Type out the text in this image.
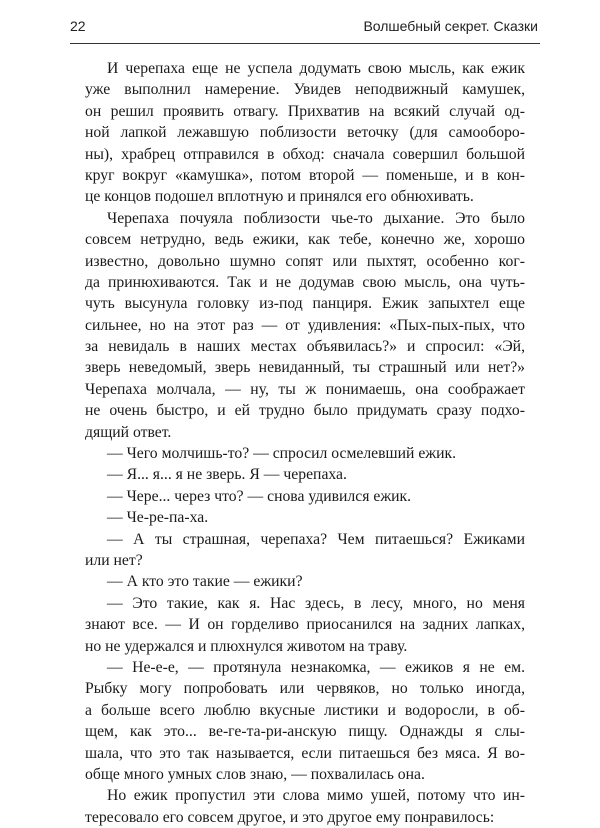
22	Волшебный секрет. Сказки
И черепаха еще не успела додумать свою мысль, как ежик
уже выполнил намерение. Увидев неподвижный камушек,
он решил проявить отвагу. Прихватив на всякий случай од-
ной лапкой лежавшую поблизости веточку (для самооборо-
ны), храбрец отправился в обход: сначала совершил большой
круг вокруг «камушка», потом второй — поменьше, и в кон-
це концов подошел вплотную и принялся его обнюхивать.
Черепаха почуяла поблизости чье-то дыхание. Это было
совсем нетрудно, ведь ежики, как тебе, конечно же, хорошо
известно, довольно шумно сопят или пыхтят, особенно ког-
да принюхиваются. Так и не додумав свою мысль, она чуть-
чуть высунула головку из-под панциря. Ежик запыхтел еще
сильнее, но на этот раз — от удивления: «Пых-пых-пых, что
за невидаль в наших местах объявилась?» и спросил: «Эй,
зверь неведомый, зверь невиданный, ты страшный или нет?»
Черепаха молчала, — ну, ты ж понимаешь, она соображает
не очень быстро, и ей трудно было придумать сразу подхо-
дящий ответ.
— Чего молчишь-то? — спросил осмелевший ежик.
— Я... я... я не зверь. Я — черепаха.
— Чере... через что? — снова удивился ежик.
— Че-ре-па-ха.
— А ты страшная, черепаха? Чем питаешься? Ежиками
или нет?
— А кто это такие — ежики?
— Это такие, как я. Нас здесь, в лесу, много, но меня
знают все. — И он горделиво приосанился на задних лапках,
но не удержался и плюхнулся животом на траву.
— Не-е-е, — протянула незнакомка, — ежиков я не ем.
Рыбку могу попробовать или червяков, но только иногда,
а больше всего люблю вкусные листики и водоросли, в об-
щем, как это... ве-ге-та-ри-анскую пищу. Однажды я слы-
шала, что это так называется, если питаешься без мяса. Я во-
обще много умных слов знаю, — похвалилась она.
Но ежик пропустил эти слова мимо ушей, потому что ин-
тересовало его совсем другое, и это другое ему понравилось:
